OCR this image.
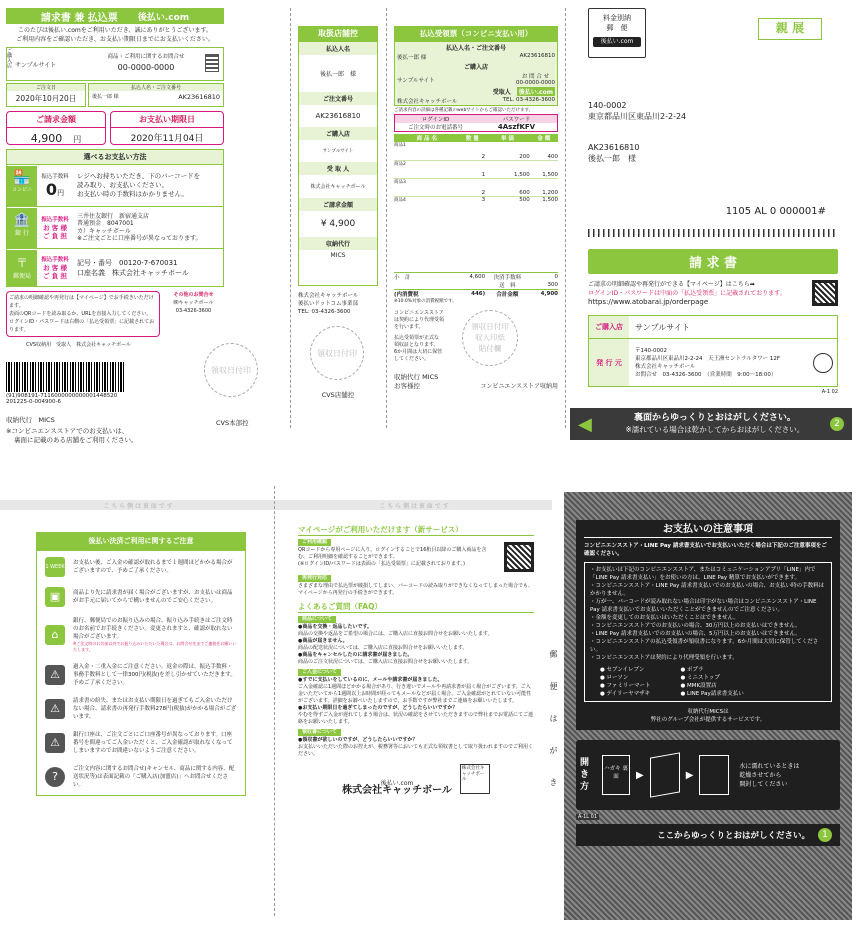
請求書 兼 払込票 後払い.com
このたびは後払い.comをご利用いただき、誠にありがとうございます。
ご利用内容をご確認いただき、お支払い期限日までにお支払いください。
ご購入店 サンプルサイト
商品・ご利用に関するお問合せ
00-0000-0000
ご注文日
2020年10月20日
払込人名・ご注文番号
後払一郎 様	AK23616810
ご請求金額
4,900　 円
お支払い期限日
2020年11月04日
選べるお支払い方法
🏪
コンビニ
振込手数料
0円
レジへお持ちいただき、下のバーコードを
読み取り、お支払いください。
お支払い時の手数料はかかりません。
🏦
銀 行
振込手数料
お 客 様
ご 負 担
三井住友銀行　新宿通支店
普通預金　8047001
カ）キャッチボール
※ご注文ごとに口座番号が異なっております。
〒
郵便局
振込手数料
お 客 様
ご 負 担
記号・番号　00120-7-670031
口座名義　株式会社キャッチボール
ご請求の明細確認や再発行は【マイページ】でお手続きいただけます。
表面のQRコードを読み取るか、URLを直接入力してください。
ログインID・パスワードは右側の「払込受領票」に記載されております。
その他のお問合せ
㈱キャッチボール
03-4326-3600
CVS収納用　受取人　株式会社キャッチボール
(91)908191-7116000000000001448520
201225-0-004900-6
収納代行　MICS
※コンビニエンスストアでのお支払いは、
裏面に記載のある店舗をご利用ください。
領収日付印
CVS本部控
取扱店舗控
払込人名
後払一郎　様
ご注文番号
AK23616810
ご購入店
サンプルサイト
受 取 人
株式会社キャッチボール
ご請求金額
¥ 4,900
収納代行
MICS
株式会社キャッチボール
後払いドットコム事業部
TEL: 03-4326-3600
領収日付印
CVS店舗控
払込受領票（コンビニ支払い用）
払込人名・ご注文番号
後払一郎 様	AK23616810
ご購入店
サンプルサイト
お 問 合 せ
00-0000-0000
受取人	後払い.com
株式会社キャッチボール	TEL. 03-4326-3600
ご請求内容の詳細は各種記載のwebサイトからご確認いただけます。
ログインID	パスワード
ご注文時のお電話番号	4AszfKFV
商 品 名	数 量	単 価	金 額
商品1	2	200	400
商品2	1	1,500	1,500
商品3	2	600	1,200
商品4	3	500	1,500

小　計	4,600	決済手数料	0
		送　料	300
(内消費税	446)	合計金額	4,900
※10.0%対象の消費税額です。
コンビニエンスストア
は契約により代理受領
を行います。
払込受領票が正式な
領収証となります。
6か月間は大切に保管
してください。
領収日付印
収入印紙
貼付欄
収納代行 MICS
お客様控	コンビニエンスストア収納用
料金別納
郵　便
後払い.com
親 展
140-0002
東京都品川区東品川2-2-24
AK23616810
後払一郎　様
1105 AL 0 000001#
請 求 書
ご請求の明細確認や再発行ができる【マイページ】はこちら➡
ログインID・パスワードは中面の「払込受領票」に記載されております。
https://www.atobarai.jp/orderpage
ご購入店	サンプルサイト
発 行 元
〒140-0002
東京都品川区東品川2-2-24　天王洲セントラルタワー 12F
株式会社キャッチボール
お問合せ　03-4326-3600　（営業時間　9:00～18:00）
A-1 02
◀	裏面からゆっくりとおはがしください。
※濡れている場合は乾かしてからおはがしください。
2
こ ち ら 側 は 裏 面 で す	こ ち ら 側 は 裏 面 で す
後払い決済ご利用に関するご注意
1 WEEK
お支払い後、ご入金の確認が取れるまで１週間ほどかかる場合がございますので、予めご了承ください。
▣	商品より先に請求書が届く場合がございますが、お支払いは商品がお手元に届いてからで構いませんのでご安心ください。
⌂
銀行、郵便局でのお振り込みの場合、振り込み手続きはご注文時のお名前でお手続きください。変更されますと、確認が取れない場合がございます。
※ご注文時のお名前以外でお振り込みいただいた場合は、お問合せ先までご連絡をお願いいたします。
⚠
過入金・二重入金にご注意ください。返金の際は、振込手数料・事務手数料として一律300円(税抜)を差し引かせていただきます。予めご了承ください。
⚠
請求書の紛失、またはお支払い期限日を過ぎてもご入金いただけない場合、請求書の再発行手数料278円(税抜)がかかる場合がございます。
⚠
銀行口座は、ご注文ごとにご口座番号が異なっております。口座番号を間違ってご入金いただくと、ご入金確認が取れなくなってしまいますのでお間違いないようご注意ください。
?
ご注文内容に関するお問合せ(キャンセル、商品に関する内容、配送状況等)は表面記載の「ご購入店(加盟店)」へお問合せください。
マイページがご利用いただけます（新サービス）
ご利用確認
QRコードから専用ページに入り、ログインすることで16桁目以降のご購入商品を含む、ご利用明細を確認することができます。
(※ログインID/パスワードは表面の「払込受領票」に記載されております。)
再発行対応
さまざまな理由で払込票が破損してしまい、バーコードの読み取りができなくなってしまった場合でも、マイページから再発行の手続きができます。
よくあるご質問（FAQ）
商品について
●商品を交換・返品したいです。
商品の交換や返品をご希望の場合には、ご購入店に直接お問合せをお願いいたします。
●商品が届きません。
商品の配送状況については、ご購入店に直接お問合せをお願いいたします。
●商品をキャンセルしたのに請求書が届きました。
商品のご注文状況については、ご購入店に直接お問合せをお願いいたします。
ご入金について
●すでに支払いをしているのに、メールや請求書が届きました。
ご入金確認に1週間ほどかかる場合があり、行き違いでメールや再請求書が届く場合がございます。ご入金いただいてから1週間以上お時間が経ってもメールなどが届く場合、ご入金確認がとれていない可能性がございます。詳細をお調べいたしますので、お手数ですが弊社までご連絡をお願いいたします。
●お支払い期限日を過ぎてしまったのですが、どうしたらいいですか？
やむを得ずご入金が遅れてしまう場合は、状況の確認をさせていただきますので弊社までお電話にてご連絡をお願いいたします。
領収書について
●領収書が欲しいのですが、どうしたらいいですか？
お支払いいただいた際のお控えが、税務署等においても正式な領収書として取り扱われますのでご利用ください。
後払い.com
株式会社キャッチボール
株式会社キャッチボール	郵　便　は　が　き
お支払いの注意事項
コンビニエンスストア・LINE Pay 請求書支払いでお支払いいただく場合は下記のご注意事項をご確認ください。
・お支払いは下記のコンビニエンスストア、またはコミュニケーションアプリ「LINE」内で「LINE Pay 請求書支払い」をお使いの方は、LINE Pay 精算でお支払いができます。
・コンビニエンスストア・LINE Pay 請求書支払いでのお支払いの場合、お支払い時の手数料はかかりません。
・万が一、バーコードが読み取れない場合は印字がない場合はコンビニエンスストア・LINE Pay 請求書支払いでお支払いいただくことができませんのでご注意ください。
・金額を変更してのお支払いはいただくことはできません。
・コンビニエンスストアでのお支払いの場合、30万円以上のお支払いはできません。
・LINE Pay 請求書支払いでのお支払いの場合、5万円以上のお支払いはできません。
・コンビニエンスストアの払込受領書が領収書になります。6か月間は大切に保管してください。
・コンビニエンスストアは契約により代理受領を行います。
● セブンイレブン
● ローソン
● ファミリーマート
● デイリーヤマザキ
● ポプラ
● ミニストップ
● MMK設置店
● LINE Pay請求書支払い
収納代行MICSは
弊社のグループ会社が提供するサービスです。
開き方
ハガキ 裏 面	▶	▶
水に濡れているときは
乾燥させてから
開封してください
A-1L 01
ここからゆっくりとおはがしください。	1
